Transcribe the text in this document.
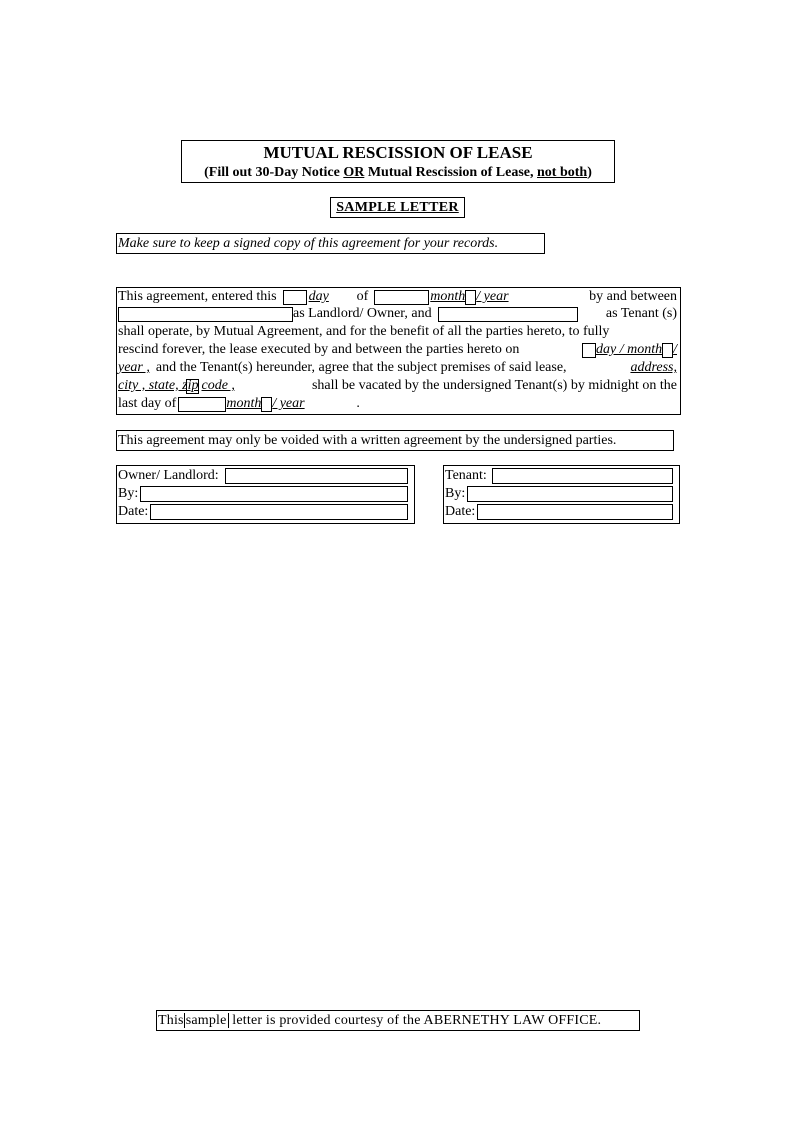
MUTUAL RESCISSION OF LEASE
(Fill out 30-Day Notice OR Mutual Rescission of Lease, not both)
SAMPLE LETTER
Make sure to keep a signed copy of this agreement for your records.
This agreement, entered this day	of	month / year	by and between
as Landlord/ Owner, and	as Tenant (s)
shall operate, by Mutual Agreement, and for the benefit of all the parties hereto, to fully
rescind forever, the lease executed by and between the parties hereto on	day / month /
year , and the Tenant(s) hereunder, agree that the subject premises of said lease,	address,
city , state, zip code ,	shall be vacated by the undersigned Tenant(s) by midnight on the
last day of	month / year	.
This agreement may only be voided with a written agreement by the undersigned parties.
Owner/ Landlord:
By:
Date:
Tenant:
By:
Date:
This sample letter is provided courtesy of the ABERNETHY LAW OFFICE.
